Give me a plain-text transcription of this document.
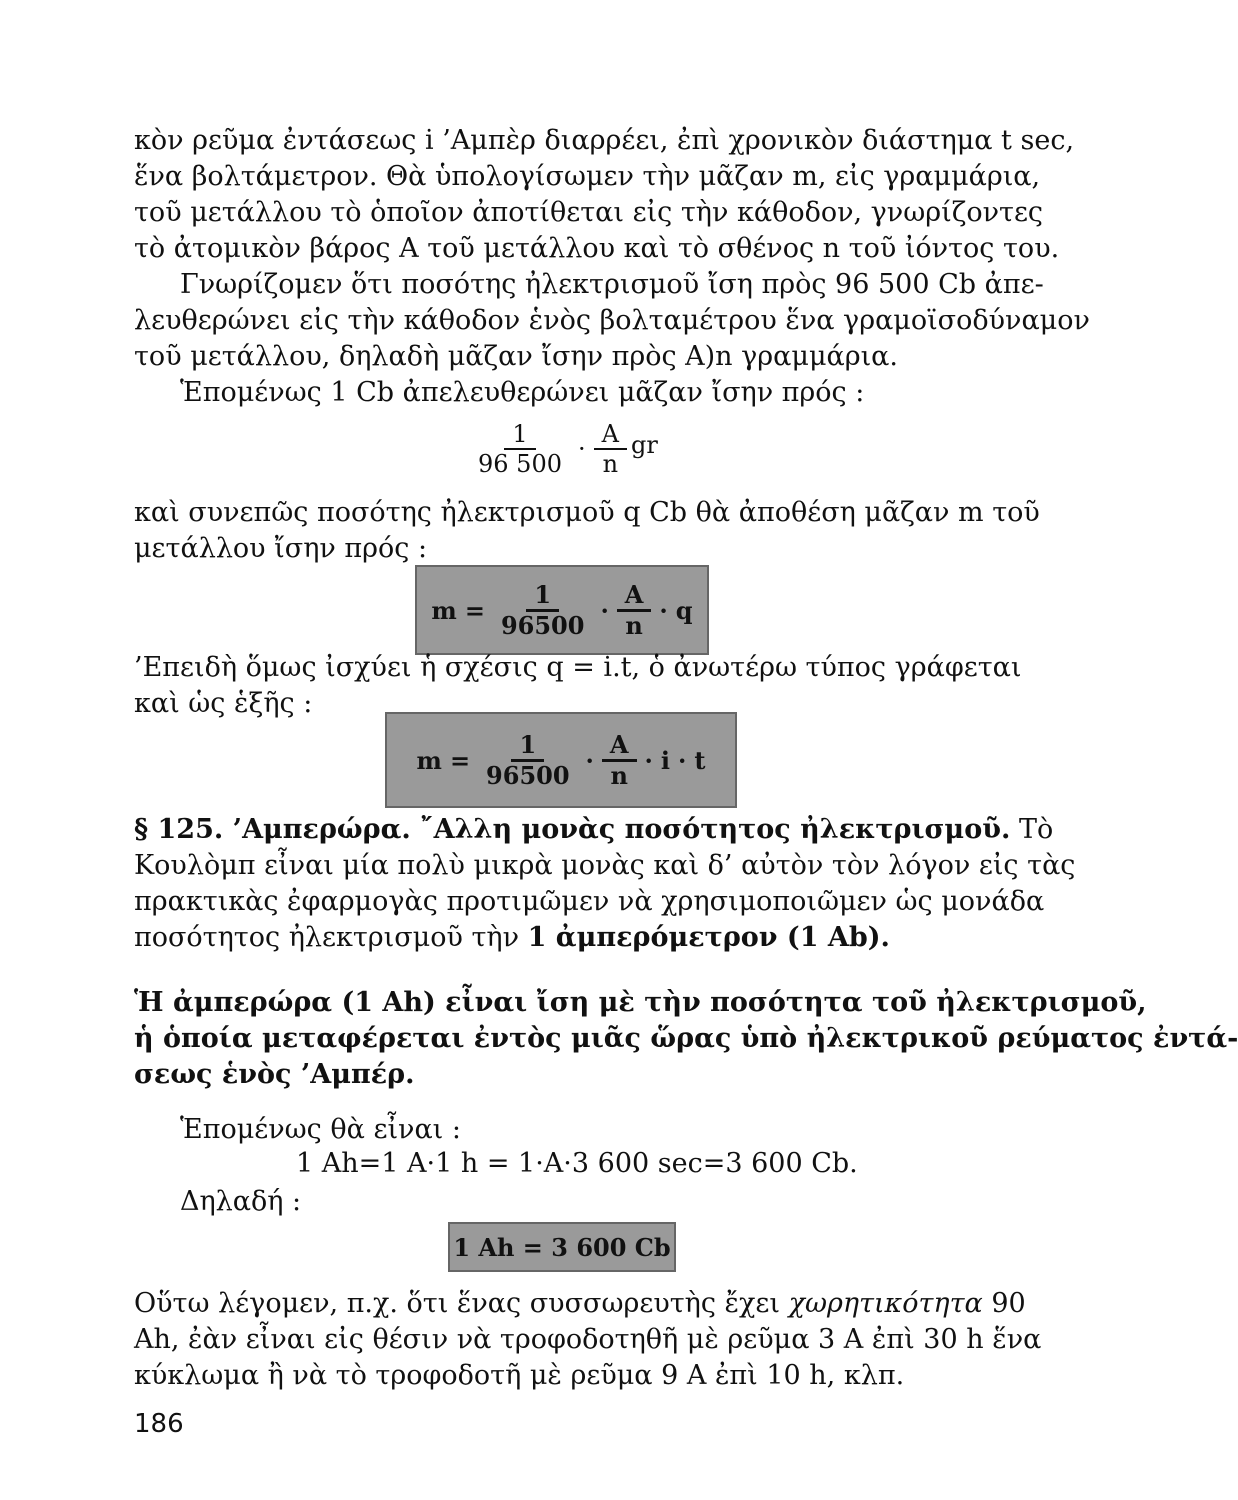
κὸν ρεῦμα ἐντάσεως i ’Αμπὲρ διαρρέει, ἐπὶ χρονικὸν διάστημα t sec,
ἕνα βολτάμετρον. Θὰ ὑπολογίσωμεν τὴν μᾶζαν m, εἰς γραμμάρια,
τοῦ μετάλλου τὸ ὁποῖον ἀποτίθεται εἰς τὴν κάθοδον, γνωρίζοντες
τὸ ἀτομικὸν βάρος A τοῦ μετάλλου καὶ τὸ σθένος n τοῦ ἰόντος του.
Γνωρίζομεν ὅτι ποσότης ἠλεκτρισμοῦ ἴση πρὸς 96 500 Cb ἀπε-
λευθερώνει εἰς τὴν κάθοδον ἑνὸς βολταμέτρου ἕνα γραμοϊσοδύναμον
τοῦ μετάλλου, δηλαδὴ μᾶζαν ἴσην πρὸς A)n γραμμάρια.
Ἑπομένως 1 Cb ἀπελευθερώνει μᾶζαν ἴσην πρός :
$\frac{1}{96 500} \cdot \frac{A}{n}$ gr
καὶ συνεπῶς ποσότης ἠλεκτρισμοῦ q Cb θὰ ἀποθέση μᾶζαν m τοῦ
μετάλλου ἴσην πρός :
$m = \frac{1}{96500} \cdot \frac{A}{n} \cdot q$
’Επειδὴ ὅμως ἰσχύει ἡ σχέσις q = i.t, ὁ ἀνωτέρω τύπος γράφεται
καὶ ὡς ἑξῆς :
$m = \frac{1}{96500} \cdot \frac{A}{n} \cdot i \cdot t$
§ 125. ’Αμπερώρα. ῎Αλλη μονὰς ποσότητος ἠλεκτρισμοῦ. Τὸ
Κουλὸμπ εἶναι μία πολὺ μικρὰ μονὰς καὶ δ’ αὐτὸν τὸν λόγον εἰς τὰς
πρακτικὰς ἐφαρμογὰς προτιμῶμεν νὰ χρησιμοποιῶμεν ὡς μονάδα
ποσότητος ἠλεκτρισμοῦ τὴν 1 ἀμπερόμετρον (1 Ab).
Ἡ ἀμπερώρα (1 Ah) εἶναι ἴση μὲ τὴν ποσότητα τοῦ ἠλεκτρισμοῦ,
ἡ ὁποία μεταφέρεται ἐντὸς μιᾶς ὥρας ὑπὸ ἠλεκτρικοῦ ρεύματος ἐντά-
σεως ἑνὸς ’Αμπέρ.
Ἑπομένως θὰ εἶναι :
1 Ah=1 A·1 h = 1·A·3 600 sec=3 600 Cb.
Δηλαδή :
1 Ah = 3 600 Cb
Οὕτω λέγομεν, π.χ. ὅτι ἕνας συσσωρευτὴς ἔχει χωρητικότητα 90
Ah, ἐὰν εἶναι εἰς θέσιν νὰ τροφοδοτηθῆ μὲ ρεῦμα 3 A ἐπὶ 30 h ἕνα
κύκλωμα ἢ νὰ τὸ τροφοδοτῆ μὲ ρεῦμα 9 A ἐπὶ 10 h, κλπ.
186
